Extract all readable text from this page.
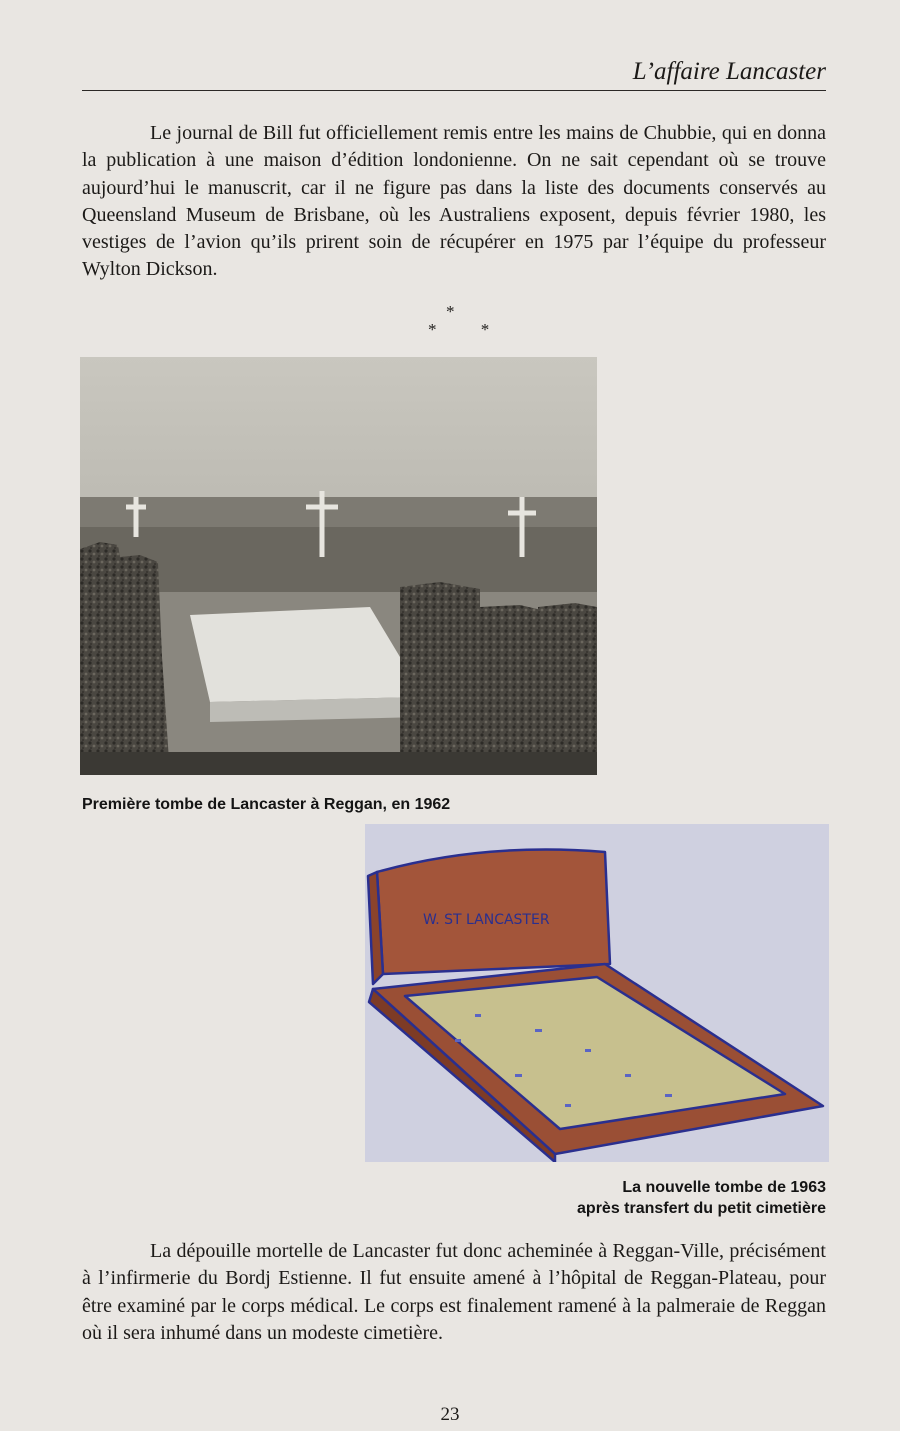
L’affaire Lancaster

Le journal de Bill fut officiellement remis entre les mains de Chubbie, qui en donna la publication à une maison d’édition londonienne. On ne sait cependant où se trouve aujourd’hui le manuscrit, car il ne figure pas dans la liste des documents conservés au Queensland Museum de Brisbane, où les Australiens exposent, depuis février 1980, les vestiges de l’avion qu’ils prirent soin de récupérer en 1975 par l’équipe du professeur Wylton Dickson.

*
* *
Première tombe de Lancaster à Reggan, en 1962
W. ST LANCASTER
La nouvelle tombe de 1963
après transfert du petit cimetière

La dépouille mortelle de Lancaster fut donc acheminée à Reggan-Ville, précisément à l’infirmerie du Bordj Estienne. Il fut ensuite amené à l’hôpital de Reggan-Plateau, pour être examiné par le corps médical. Le corps est finalement ramené à la palmeraie de Reggan où il sera inhumé dans un modeste cimetière.

23
